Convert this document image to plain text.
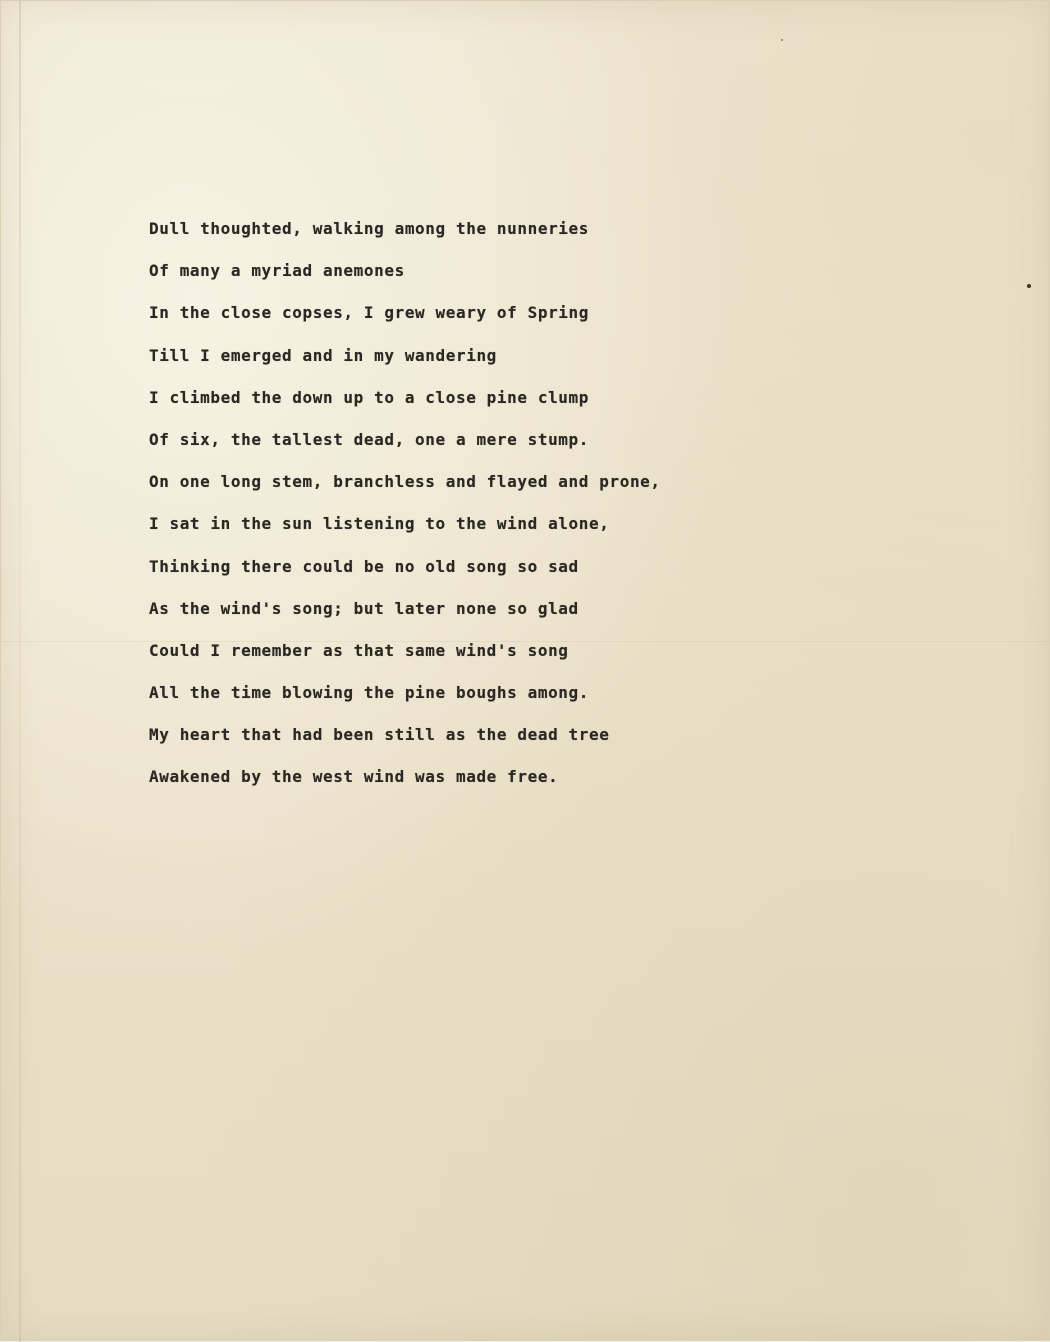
Dull thoughted, walking among the nunneries
Of many a myriad anemones
In the close copses, I grew weary of Spring
Till I emerged and in my wandering
I climbed the down up to a close pine clump
Of six, the tallest dead, one a mere stump.
On one long stem, branchless and flayed and prone,
I sat in the sun listening to the wind alone,
Thinking there could be no old song so sad
As the wind's song; but later none so glad
Could I remember as that same wind's song
All the time blowing the pine boughs among.
My heart that had been still as the dead tree
Awakened by the west wind was made free.
